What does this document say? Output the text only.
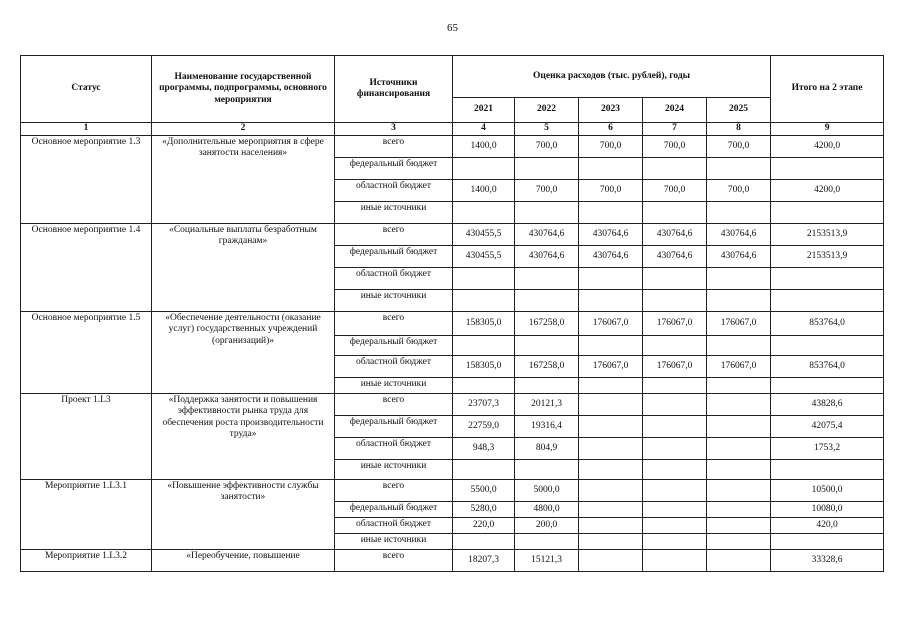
65
Статус	Наименование государственной программы, подпрограммы, основного мероприятия	Источники финансирования	Оценка расходов (тыс. рублей), годы					Итого на 2 этапе
			2021	2022	2023	2024	2025	
1	2	3	4	5	6	7	8	9
Основное мероприятие 1.3	«Дополнительные мероприятия в сфере занятости населения»	всего	1400,0	700,0	700,0	700,0	700,0	4200,0
		федеральный бюджет						
		областной бюджет	1400,0	700,0	700,0	700,0	700,0	4200,0
		иные источники						
Основное мероприятие 1.4	«Социальные выплаты безработным гражданам»	всего	430455,5	430764,6	430764,6	430764,6	430764,6	2153513,9
		федеральный бюджет	430455,5	430764,6	430764,6	430764,6	430764,6	2153513,9
		областной бюджет						
		иные источники						
Основное мероприятие 1.5	«Обеспечение деятельности (оказание услуг) государственных учреждений (организаций)»	всего	158305,0	167258,0	176067,0	176067,0	176067,0	853764,0
		федеральный бюджет						
		областной бюджет	158305,0	167258,0	176067,0	176067,0	176067,0	853764,0
		иные источники						
Проект 1.L3	«Поддержка занятости и повышения эффективности рынка труда для обеспечения роста производительности труда»	всего	23707,3	20121,3				43828,6
		федеральный бюджет	22759,0	19316,4				42075,4
		областной бюджет	948,3	804,9				1753,2
		иные источники						
Мероприятие 1.L3.1	«Повышение эффективности службы занятости»	всего	5500,0	5000,0				10500,0
		федеральный бюджет	5280,0	4800,0				10080,0
		областной бюджет	220,0	200,0				420,0
		иные источники						
Мероприятие 1.L3.2	«Переобучение, повышение	всего	18207,3	15121,3				33328,6
